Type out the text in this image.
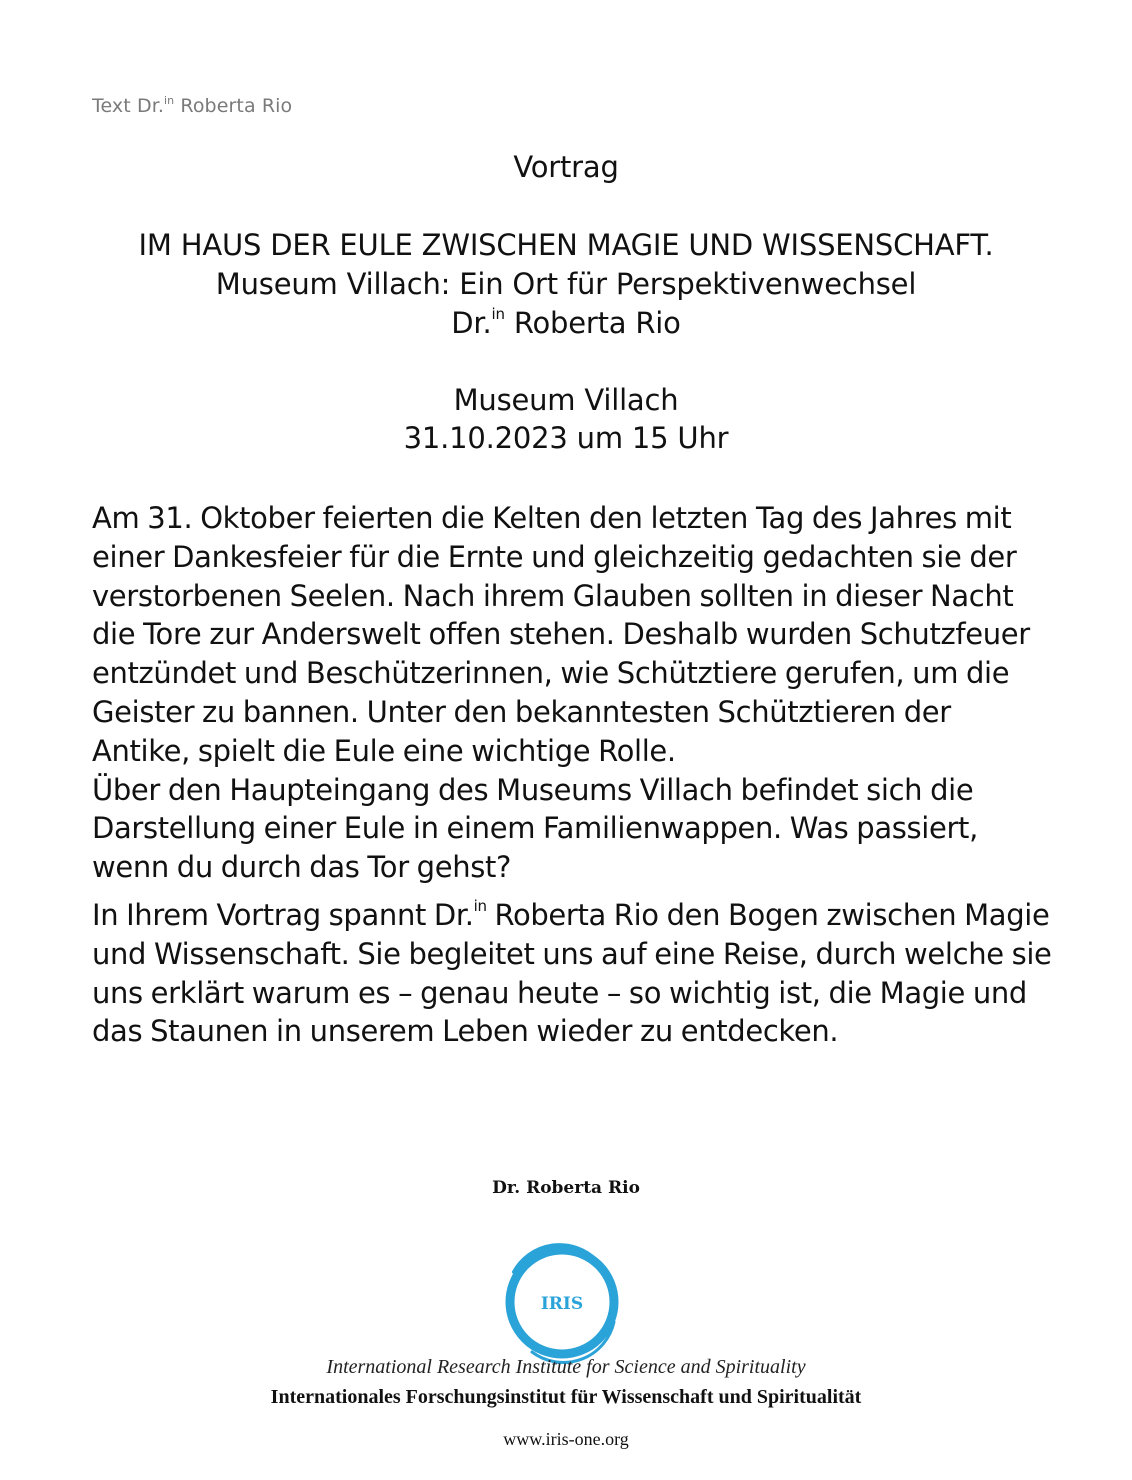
Text Dr.$^{in}$ Roberta Rio
Vortrag
IM HAUS DER EULE ZWISCHEN MAGIE UND WISSENSCHAFT.
Museum Villach: Ein Ort für Perspektivenwechsel
Dr.$^{in}$ Roberta Rio
Museum Villach
31.10.2023 um 15 Uhr

Am 31. Oktober feierten die Kelten den letzten Tag des Jahres mit einer Dankesfeier für die Ernte und gleichzeitig gedachten sie der verstorbenen Seelen. Nach ihrem Glauben sollten in dieser Nacht die Tore zur Anderswelt offen stehen. Deshalb wurden Schutzfeuer entzündet und Beschützerinnen, wie Schütztiere gerufen, um die Geister zu bannen. Unter den bekanntesten Schütztieren der Antike, spielt die Eule eine wichtige Rolle.

Über den Haupteingang des Museums Villach befindet sich die Darstellung einer Eule in einem Familienwappen. Was passiert, wenn du durch das Tor gehst?

In Ihrem Vortrag spannt Dr.$^{in}$ Roberta Rio den Bogen zwischen Magie und Wissenschaft. Sie begleitet uns auf eine Reise, durch welche sie uns erklärt warum es – genau heute – so wichtig ist, die Magie und das Staunen in unserem Leben wieder zu entdecken.

Dr. Roberta Rio
IRIS
International Research Institute for Science and Spirituality
Internationales Forschungsinstitut für Wissenschaft und Spiritualität
www.iris-one.org
